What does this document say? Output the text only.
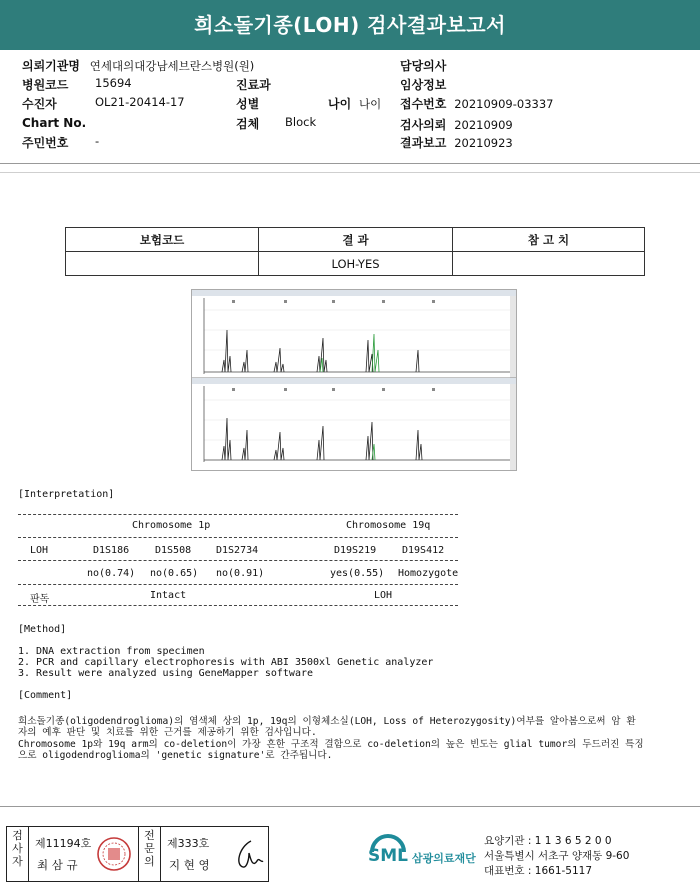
희소돌기종(LOH) 검사결과보고서
의뢰기관명 연세대의대강남세브란스병원(원)
병원코드 15694
수진자	OL21-20414-17
Chart No.
주민번호 -
진료과
성별	나이 나이
검체 Block
담당의사
임상정보
접수번호 20210909-03337
검사의뢰 20210909
결과보고 20210923
보험코드	결 과	참 고 치
	LOH-YES	
[Interpretation]
Chromosome 1p	Chromosome 19q
LOH	D1S186	D1S508 D1S2734	D19S219	D19S412
no(0.74) no(0.65) no(0.91)	yes(0.55) Homozygote
판독	Intact	LOH
[Method]
1. DNA extraction from specimen
2. PCR and capillary electrophoresis with ABI 3500xl Genetic analyzer
3. Result were analyzed using GeneMapper software
[Comment]
희소돌기종(oligodendroglioma)의 염색체 상의 1p, 19q의 이형체소실(LOH, Loss of Heterozygosity)여부를 알아봄으로써 암 환
자의 예후 판단 및 치료를 위한 근거를 제공하기 위한 검사입니다.
Chromosome 1p와 19q arm의 co-deletion이 가장 흔한 구조적 결함으로 co-deletion의 높은 빈도는 glial tumor의 두드러진 특징
으로 oligodendroglioma의 'genetic signature'로 간주됩니다.
검사자
제11194호
최 삼 규
전문의
제333호
지 현 영	SML 삼광의료재단
요양기관 : 1 1 3 6 5 2 0 0
서울특별시 서초구 양재동 9-60
대표번호 : 1661-5117
